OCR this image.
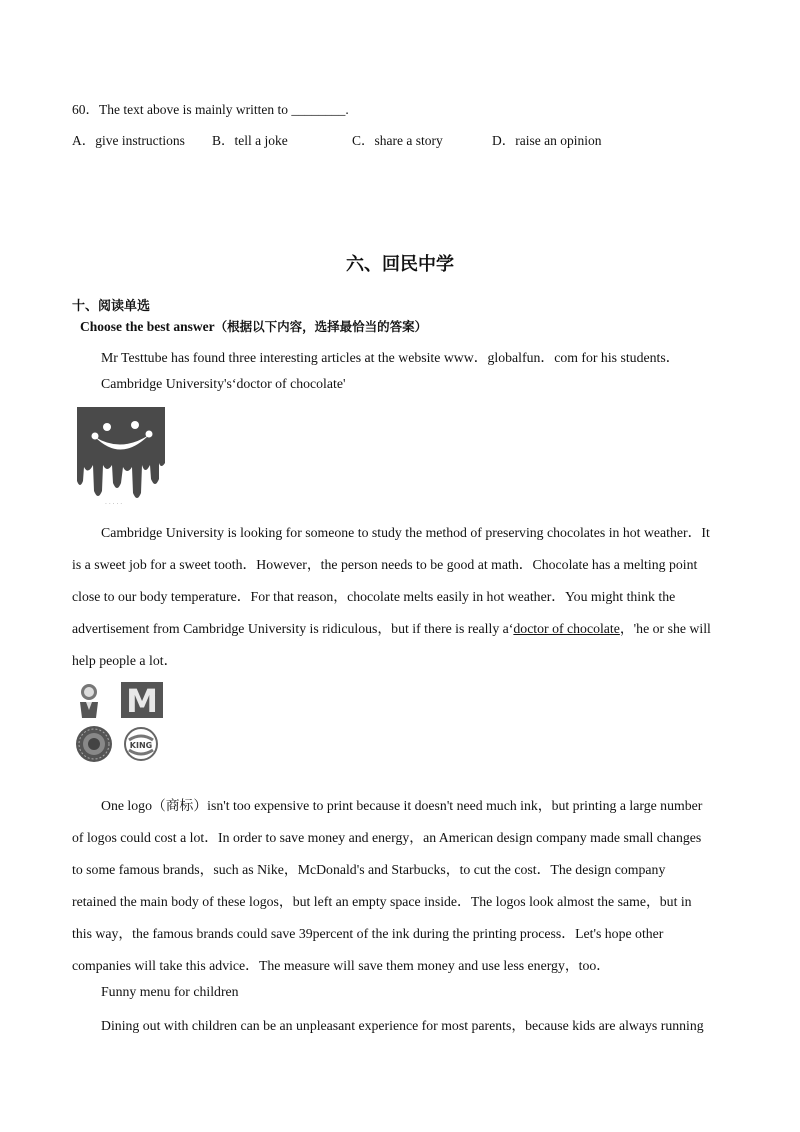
60．The text above is mainly written to ________.
A．give instructions B．tell a joke	C．share a story	D．raise an opinion
六、回民中学
十、阅读单选
Choose the best answer（根据以下内容，选择最恰当的答案）
Mr Testtube has found three interesting articles at the website www．globalfun．com for his students．
Cambridge University's‘doctor of chocolate'
. . . . .
Cambridge University is looking for someone to study the method of preserving chocolates in hot weather．It
is a sweet job for a sweet tooth．However，the person needs to be good at math．Chocolate has a melting point
close to our body temperature．For that reason，chocolate melts easily in hot weather．You might think the
advertisement from Cambridge University is ridiculous，but if there is really a‘doctor of chocolate，'he or she will
help people a lot．
M
KING
One logo（商标）isn't too expensive to print because it doesn't need much ink，but printing a large number
of logos could cost a lot．In order to save money and energy，an American design company made small changes
to some famous brands，such as Nike，McDonald's and Starbucks，to cut the cost．The design company
retained the main body of these logos，but left an empty space inside．The logos look almost the same，but in
this way，the famous brands could save 39percent of the ink during the printing process．Let's hope other
companies will take this advice．The measure will save them money and use less energy，too．
Funny menu for children
Dining out with children can be an unpleasant experience for most parents，because kids are always running
